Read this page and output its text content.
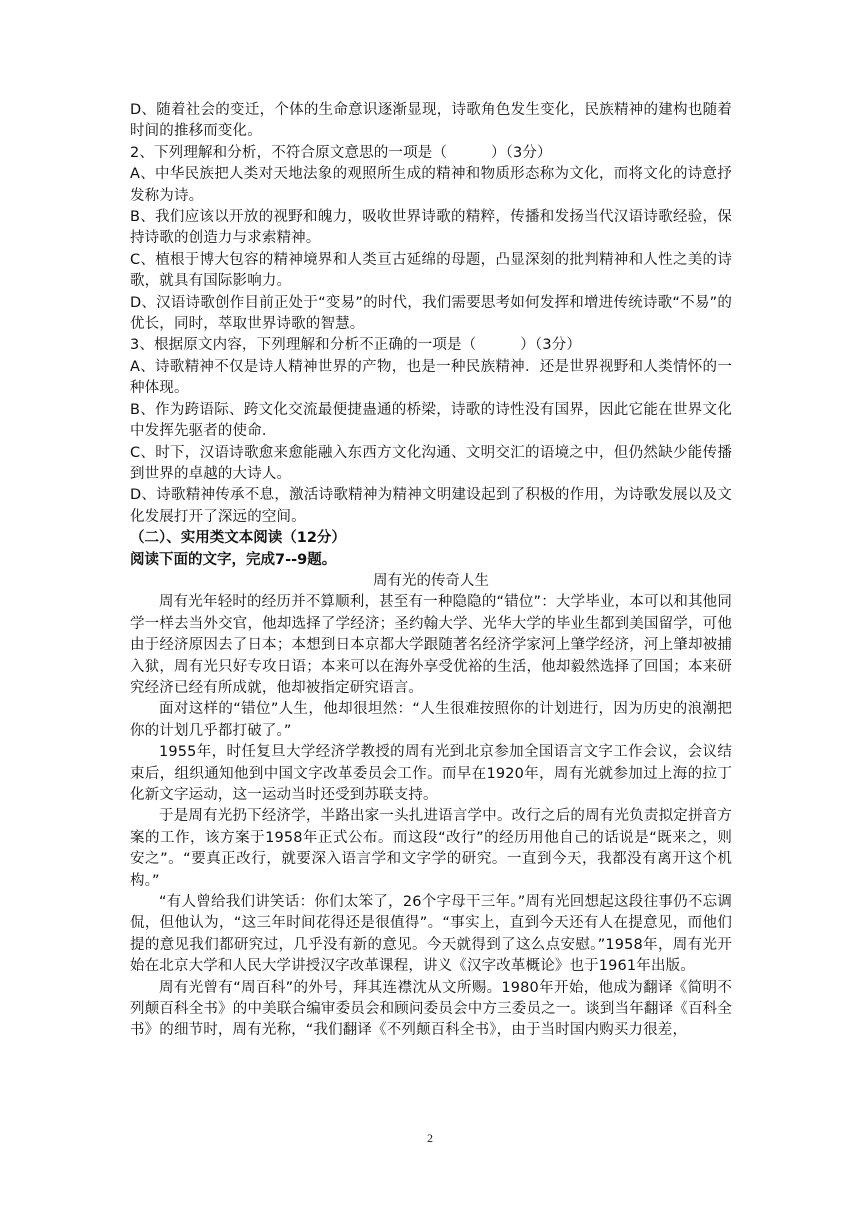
D、随着社会的变迁，个体的生命意识逐渐显现，诗歌角色发生变化，民族精神的建构也随着时间的推移而变化。

2、下列理解和分析，不符合原文意思的一项是（　　　）（3分）

A、中华民族把人类对天地法象的观照所生成的精神和物质形态称为文化，而将文化的诗意抒发称为诗。

B、我们应该以开放的视野和魄力，吸收世界诗歌的精粹，传播和发扬当代汉语诗歌经验，保持诗歌的创造力与求索精神。

C、植根于博大包容的精神境界和人类亘古延绵的母题，凸显深刻的批判精神和人性之美的诗歌，就具有国际影响力。

D、汉语诗歌创作目前正处于“变易”的时代，我们需要思考如何发挥和增进传统诗歌“不易”的优长，同时，萃取世界诗歌的智慧。

3、根据原文内容，下列理解和分析不正确的一项是（　　　）（3分）

A、诗歌精神不仅是诗人精神世界的产物，也是一种民族精神．还是世界视野和人类情怀的一种体现。

B、作为跨语际、跨文化交流最便捷蛊通的桥梁，诗歌的诗性没有国界，因此它能在世界文化中发挥先驱者的使命．

C、时下，汉语诗歌愈来愈能融入东西方文化沟通、文明交汇的语境之中，但仍然缺少能传播到世界的卓越的大诗人。

D、诗歌精神传承不息，激活诗歌精神为精神文明建设起到了积极的作用，为诗歌发展以及文化发展打开了深远的空间。

（二）、实用类文本阅读（12分）

阅读下面的文字，完成7--9题。

周有光的传奇人生

周有光年轻时的经历并不算顺利，甚至有一种隐隐的“错位”：大学毕业，本可以和其他同学一样去当外交官，他却选择了学经济；圣约翰大学、光华大学的毕业生都到美国留学，可他由于经济原因去了日本；本想到日本京都大学跟随著名经济学家河上肇学经济，河上肇却被捕入狱，周有光只好专攻日语；本来可以在海外享受优裕的生活，他却毅然选择了回国；本来研究经济已经有所成就，他却被指定研究语言。

面对这样的“错位”人生，他却很坦然：“人生很难按照你的计划进行，因为历史的浪潮把你的计划几乎都打破了。”

1955年，时任复旦大学经济学教授的周有光到北京参加全国语言文字工作会议，会议结束后，组织通知他到中国文字改革委员会工作。而早在1920年，周有光就参加过上海的拉丁化新文字运动，这一运动当时还受到苏联支持。

于是周有光扔下经济学，半路出家一头扎进语言学中。改行之后的周有光负责拟定拼音方案的工作，该方案于1958年正式公布。而这段“改行”的经历用他自己的话说是“既来之，则安之”。“要真正改行，就要深入语言学和文字学的研究。一直到今天，我都没有离开这个机构。”

“有人曾给我们讲笑话：你们太笨了，26个字母干三年。”周有光回想起这段往事仍不忘调侃，但他认为，“这三年时间花得还是很值得”。“事实上，直到今天还有人在提意见，而他们提的意见我们都研究过，几乎没有新的意见。今天就得到了这么点安慰。”1958年，周有光开始在北京大学和人民大学讲授汉字改革课程，讲义《汉字改革概论》也于1961年出版。

周有光曾有“周百科”的外号，拜其连襟沈从文所赐。1980年开始，他成为翻译《简明不列颠百科全书》的中美联合编审委员会和顾问委员会中方三委员之一。谈到当年翻译《百科全书》的细节时，周有光称，“我们翻译《不列颠百科全书》，由于当时国内购买力很差，

2
